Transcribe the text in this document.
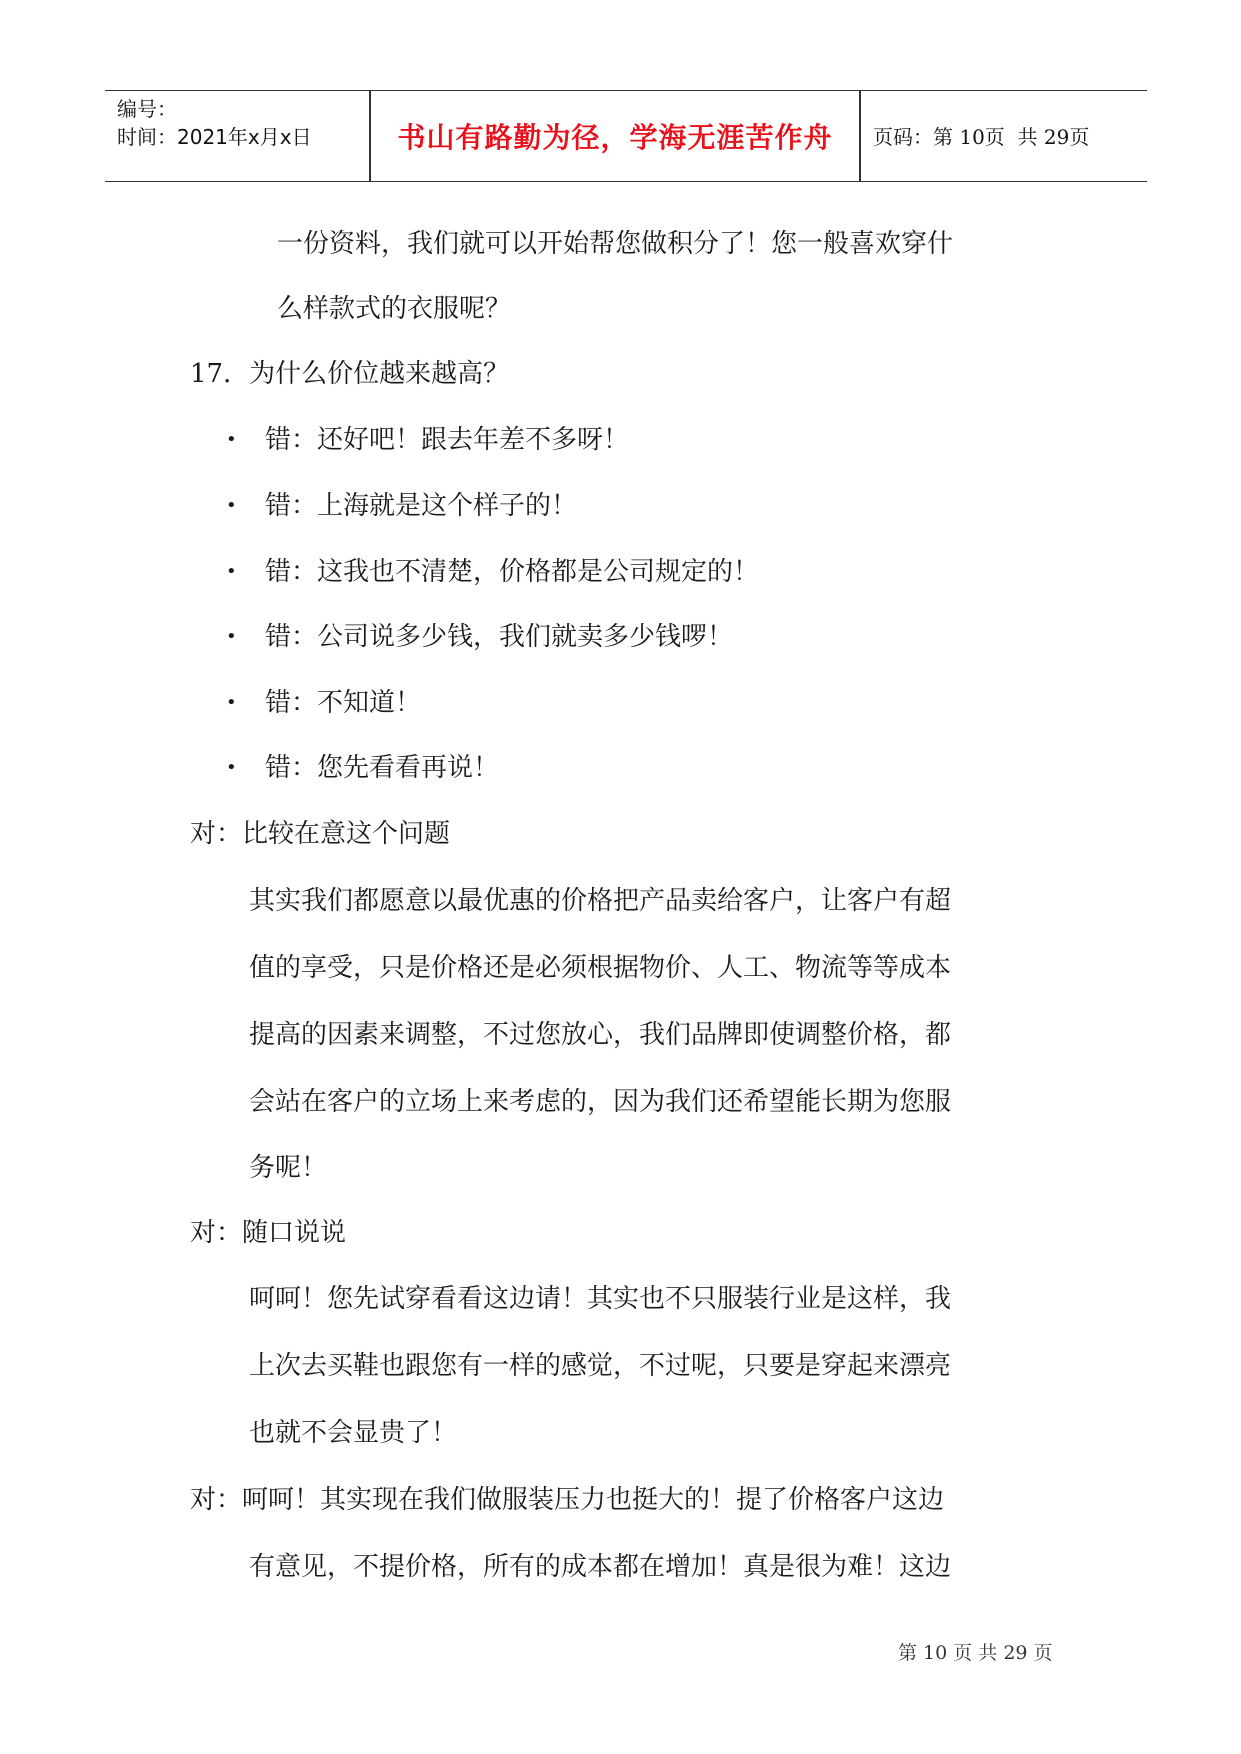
编号：
时间：2021年x月x日	书山有路勤为径，学海无涯苦作舟	页码：第 10页  共 29页
一份资料，我们就可以开始帮您做积分了！您一般喜欢穿什
么样款式的衣服呢？
17．为什么价位越来越高？
• 错：还好吧！跟去年差不多呀！
• 错：上海就是这个样子的！
• 错：这我也不清楚，价格都是公司规定的！
• 错：公司说多少钱，我们就卖多少钱啰！
• 错：不知道！
• 错：您先看看再说！
对：比较在意这个问题
其实我们都愿意以最优惠的价格把产品卖给客户，让客户有超
值的享受，只是价格还是必须根据物价、人工、物流等等成本
提高的因素来调整，不过您放心，我们品牌即使调整价格，都
会站在客户的立场上来考虑的，因为我们还希望能长期为您服
务呢！
对：随口说说
呵呵！您先试穿看看这边请！其实也不只服装行业是这样，我
上次去买鞋也跟您有一样的感觉，不过呢，只要是穿起来漂亮
也就不会显贵了！
对：呵呵！其实现在我们做服装压力也挺大的！提了价格客户这边
有意见，不提价格，所有的成本都在增加！真是很为难！这边
第 10 页 共 29 页
